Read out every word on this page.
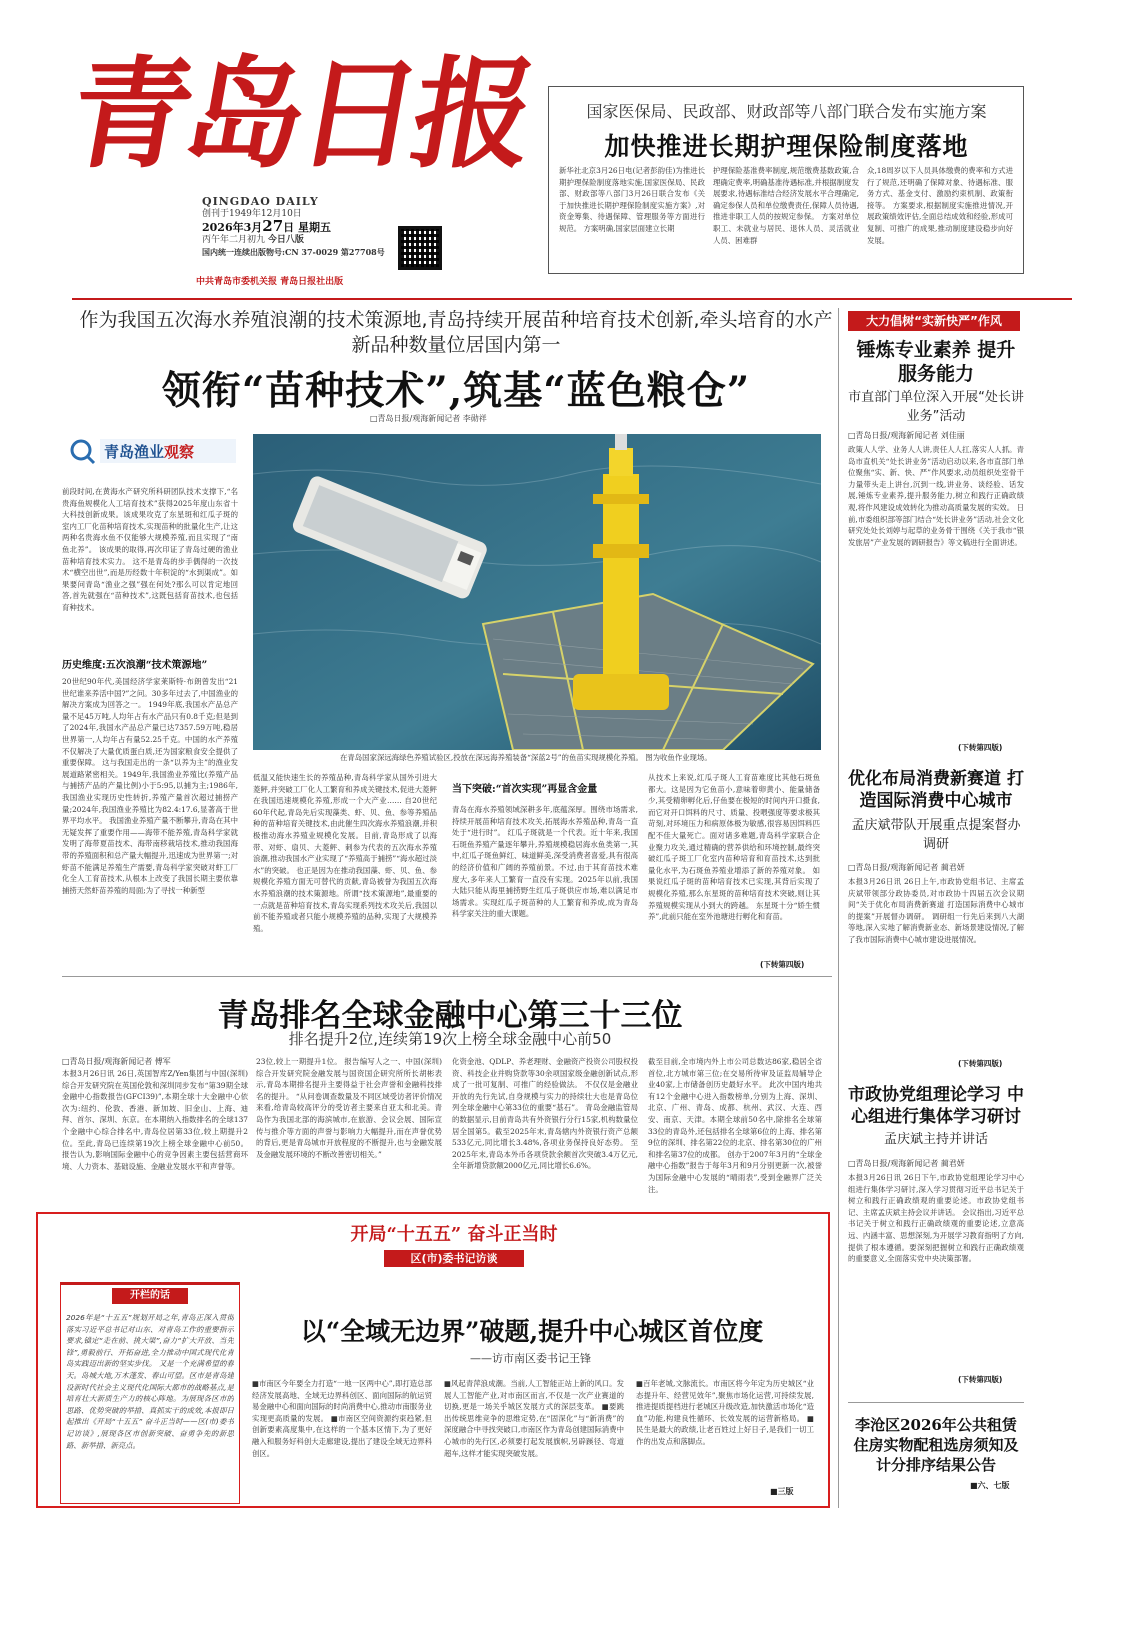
青岛日报
QINGDAO DAILY
创刊于1949年12月10日
2026年3月27日 星期五
丙午年二月初九 今日八版
国内统一连续出版物号:CN 37-0029 第27708号
中共青岛市委机关报 青岛日报社出版
国家医保局、民政部、财政部等八部门联合发布实施方案
加快推进长期护理保险制度落地
新华社北京3月26日电(记者彭韵佳)为推进长期护理保险制度落地实施,国家医保局、民政部、财政部等八部门3月26日联合发布《关于加快推进长期护理保险制度实施方案》,对资金筹集、待遇保障、管理服务等方面进行规范。 方案明确,国家层面建立长期
护理保险基准费率制度,规范缴费基数政策,合理确定费率,明确基准待遇标准,并根据制度发展要求,待遇标准结合经济发展水平合理确定,确定参保人员和单位缴费责任,保障人员待遇,推进非职工人员的按规定参保。 方案对单位职工、未就业与居民、退休人员、灵活就业人员、困难群
众,18周岁以下人员具体缴费的费率和方式进行了规范,还明确了保障对象、待遇标准、服务方式、基金支付、激励约束机制、政策衔接等。 方案要求,根据制度实施推进情况,开展政策绩效评估,全面总结成效和经验,形成可复制、可推广的成果,推动制度建设稳步向好发展。
作为我国五次海水养殖浪潮的技术策源地,青岛持续开展苗种培育技术创新,牵头培育的水产新品种数量位居国内第一
领衔“苗种技术”,筑基“蓝色粮仓”
□青岛日报/观海新闻记者 李勋祥
青岛渔业观察
在青岛国家深远海绿色养殖试验区,投放在深远海养殖装备“深蓝2号”的鱼苗实现规模化养殖。 图为收鱼作业现场。
前段时间,在黄海水产研究所科研团队技术支撑下,“名贵海鱼规模化人工培育技术”获得2025年度山东省十大科技创新成果。该成果攻克了东星斑和红瓜子斑的室内工厂化苗种培育技术,实现苗种的批量化生产,让这两种名贵海水鱼不仅能够大规模养殖,而且实现了“南鱼北养”。 该成果的取得,再次印证了青岛过硬的渔业苗种培育技术实力。 这不是青岛的步手偶得的一次技术“横空出世”,而是历经数十年积淀的“水到渠成”。如果要问青岛“渔业之强”强在何处?那么可以肯定地回答,首先就强在“苗种技术”,这既包括育苗技术,也包括育种技术。
历史维度:五次浪潮“技术策源地”
20世纪90年代,美国经济学家莱斯特·布朗曾发出“21世纪谁来养活中国?”之问。30多年过去了,中国渔业的解决方案成为回答之一。 1949年底,我国水产品总产量不足45万吨,人均年占有水产品只有0.8千克;但是到了2024年,我国水产品总产量已达7357.59万吨,稳居世界第一,人均年占有量52.25千克。中国的水产养殖不仅解决了大量优质蛋白质,还为国家粮食安全提供了重要保障。 这与我国走出的一条“以养为主”的渔业发展道路紧密相关。1949年,我国渔业养殖比(养殖产品与捕捞产品的产量比例)小于5:95,以捕为主;1986年,我国渔业实现历史性转折,养殖产量首次超过捕捞产量;2024年,我国渔业养殖比为82.4:17.6,显著高于世界平均水平。 我国渔业养殖产量不断攀升,青岛在其中无疑发挥了重要作用——海带不能养殖,青岛科学家就发明了海带夏苗技术、海带南移栽培技术,推动我国海带的养殖面积和总产量大幅提升,迅速成为世界第一;对虾苗不能满足养殖生产需要,青岛科学家突破对虾工厂化全人工育苗技术,从根本上改变了我国长期主要依靠捕捞天然虾苗养殖的局面;为了寻找一种新型
低温又能快速生长的养殖品种,青岛科学家从国外引进大菱鲆,并突破工厂化人工繁育和养成关键技术,促进大菱鲆在我国迅速规模化养殖,形成一个大产业…… 自20世纪60年代起,青岛先后实现藻类、虾、贝、鱼、参等养殖品种的苗种培育关键技术,由此催生四次海水养殖浪潮,并积极推动海水养殖业规模化发展。目前,青岛形成了以海带、对虾、扇贝、大菱鲆、刺参为代表的五次海水养殖浪潮,推动我国水产业实现了“养殖高于捕捞”“海水超过淡水”的突破。 也正是因为在推动我国藻、虾、贝、鱼、参规模化养殖方面无可替代的贡献,青岛被誉为我国五次海水养殖浪潮的技术策源地。所谓“技术策源地”,最重要的一点就是苗种培育技术,青岛实现系列技术攻关后,我国以前不能养殖或者只能小规模养殖的品种,实现了大规模养殖。
当下突破:“首次实现”再显含金量
青岛在海水养殖领域深耕多年,底蕴深厚。围绕市场需求,持续开展苗种培育技术攻关,拓展海水养殖品种,青岛一直处于“进行时”。 红瓜子斑就是一个代表。近十年来,我国石斑鱼养殖产量逐年攀升,养殖规模稳居海水鱼类第一,其中,红瓜子斑鱼鲜红、味道鲜美,深受消费者喜爱,具有很高的经济价值和广阔的养殖前景。不过,由于其育苗技术难度大,多年来人工繁育一直没有实现。2025年以前,我国大陆只能从海里捕捞野生红瓜子斑供应市场,难以满足市场需求。实现红瓜子斑苗种的人工繁育和养成,成为青岛科学家关注的重大课题。
从技术上来说,红瓜子斑人工育苗难度比其他石斑鱼都大。这是因为它鱼苗小,意味着卵黄小、能量储备少,其受精卵孵化后,仔鱼要在极短的时间内开口摄食,而它对开口饵料的尺寸、质量、投喂强度等要求极其苛刻,对环境压力和病原体极为敏感,很容易因饵料匹配不佳大量死亡。面对诸多难题,青岛科学家联合企业聚力攻关,通过精确的营养供给和环境控制,最终突破红瓜子斑工厂化室内苗种培育和育苗技术,达到批量化水平,为石斑鱼养殖业增添了新的养殖对象。 如果说红瓜子斑的苗种培育技术已实现,其背后实现了规模化养殖,那么东星斑的苗种培育技术突破,则让其养殖规模实现从小到大的跨越。 东星斑十分“娇生惯养”,此前只能在室外池塘进行孵化和育苗。
(下转第四版)
大力倡树“实新快严”作风
锤炼专业素养 提升服务能力
市直部门单位深入开展“处长讲业务”活动
□青岛日报/观海新闻记者 刘佳丽
政策人人学、业务人人讲,责任人人扛,落实人人抓。青岛市直机关“处长讲业务”活动启动以来,各市直部门单位聚焦“实、新、快、严”作风要求,动员组织处室骨干力量带头走上讲台,沉到一线,讲业务、谈经验、话发展,锤炼专业素养,提升服务能力,树立和践行正确政绩观,将作风建设成效转化为推动高质量发展的实效。 日前,市委组织部等部门结合“处长讲业务”活动,社会文化研究处处长刘婷与起草的业务骨干围绕《关于我市“银发旅居”产业发展的调研报告》等文稿进行全面讲述。
(下转第四版)
优化布局消费新赛道 打造国际消费中心城市
孟庆斌带队开展重点提案督办调研
□青岛日报/观海新闻记者 蔺君妍
本报3月26日讯 26日上午,市政协党组书记、主席孟庆斌带领部分政协委员,对市政协十四届五次会议期间“关于优化布局消费新赛道 打造国际消费中心城市的提案”开展督办调研。 调研组一行先后来到八大湖等地,深入实地了解消费新业态、新场景建设情况,了解了我市国际消费中心城市建设进展情况。
(下转第四版)
市政协党组理论学习 中心组进行集体学习研讨
孟庆斌主持并讲话
□青岛日报/观海新闻记者 蔺君妍
本报3月26日讯 26日下午,市政协党组理论学习中心组进行集体学习研讨,深入学习贯彻习近平总书记关于树立和践行正确政绩观的重要论述。市政协党组书记、主席孟庆斌主持会议并讲话。 会议指出,习近平总书记关于树立和践行正确政绩观的重要论述,立意高远、内涵丰富、思想深刻,为开展学习教育指明了方向,提供了根本遵循。要深刻把握树立和践行正确政绩观的重要意义,全面落实党中央决策部署。
(下转第四版)
李沧区2026年公共租赁住房实物配租选房须知及计分排序结果公告
■六、七版
青岛排名全球金融中心第三十三位
排名提升2位,连续第19次上榜全球金融中心前50
□青岛日报/观海新闻记者 傅军
本报3月26日讯 26日,英国智库Z/Yen集团与中国(深圳)综合开发研究院在英国伦敦和深圳同步发布“第39期全球金融中心指数报告(GFCI39)”,本期全球十大金融中心依次为:纽约、伦敦、香港、新加坡、旧金山、上海、迪拜、首尔、深圳、东京。在本期纳入指数排名的全球137个金融中心综合排名中,青岛位居第33位,较上期提升2位。至此,青岛已连续第19次上榜全球金融中心前50。 报告认为,影响国际金融中心的竞争因素主要包括营商环境、人力资本、基础设施、金融业发展水平和声誉等。
23位,较上一期提升1位。 报告编写人之一、中国(深圳)综合开发研究院金融发展与国资国企研究所所长胡彬表示,青岛本期排名提升主要得益于社会声誉和金融科技排名的提升。 “从问卷调查数量及不同区域受访者评价情况来看,给青岛较高评分的受访者主要来自亚太和北美。青岛作为我国北部的海滨城市,在旅游、会议会展、国际宣传与推介等方面的声誉与影响力大幅提升,而在声誉优势的背后,更是青岛城市开放程度的不断提升,也与金融发展及金融发展环境的不断改善密切相关。”
化资金池、QDLP、养老理财、金融资产投资公司股权投资、科技企业并购贷款等30余项国家级金融创新试点,形成了一批可复制、可推广的经验做法。 不仅仅是金融业开放的先行先试,自身规模与实力的持续壮大也是青岛位列全球金融中心第33位的重要“基石”。 青岛金融监管局的数据显示,目前青岛共有外资银行分行15家,机构数量位居全国第5。截至2025年末,青岛辖内外资银行资产总额533亿元,同比增长3.48%,各项业务保持良好态势。 至2025年末,青岛本外币各项贷款余额首次突破3.4万亿元,全年新增贷款额2000亿元,同比增长6.6%。
截至目前,全市境内外上市公司总数达86家,稳居全省首位,北方城市第三位;在交易所待审及证监局辅导企业40家,上市储备创历史最好水平。 此次中国内地共有12个金融中心进入指数榜单,分别为上海、深圳、北京、广州、青岛、成都、杭州、武汉、大连、西安、南京、天津。本期全球前50名中,除排名全球第33位的青岛外,还包括排名全球第6位的上海、排名第9位的深圳、排名第22位的北京、排名第30位的广州和排名第37位的成都。 创办于2007年3月的“全球金融中心指数”报告于每年3月和9月分别更新一次,被誉为国际金融中心发展的“晴雨表”,受到金融界广泛关注。
开局“十五五” 奋斗正当时
区(市)委书记访谈
开栏的话
2026年是“十五五”规划开局之年,青岛正深入贯彻落实习近平总书记对山东、对青岛工作的重要指示要求,锚定“走在前、挑大梁”,奋力“扩大开放、当先锋”,勇毅前行、开拓奋进,全力推动中国式现代化青岛实践迈出新的坚实步伐。 又是一个充满希望的春天。岛城大地,万木蓬发、春山可望。区市是青岛建设新时代社会主义现代化国际大都市的战略基点,是培育壮大新质生产力的核心阵地。为展现各区市的思路、优势突破的举措、真抓实干的成效,本报即日起推出《开局“十五五” 奋斗正当时——区(市)委书记访谈》,展现各区市创新突破、奋勇争先的新思路、新举措、新亮点。
以“全域无边界”破题,提升中心城区首位度
——访市南区委书记王锋
■市南区今年要全力打造“一地一区两中心”,即打造总部经济发展高地、全域无边界科创区、面向国际的航运贸易金融中心和面向国际的时尚消费中心,推动市南服务业实现更高质量的发展。 ■市南区空间资源约束趋紧,但创新要素高度集中,在这样的一个基本区情下,为了更好融入和服务好科创大走廊建设,提出了建设全域无边界科创区。
■风起青萍浪成潮。当前,人工智能正站上新的风口。发展人工智能产业,对市南区而言,不仅是一次产业赛道的切换,更是一场关乎城区发展方式的深层变革。 ■要跳出传统思维竞争的思维定势,在“固深化”与“新消费”的深度融合中寻找突破口,市南区作为青岛创建国际消费中心城市的先行区,必须要打起发展旗帜,另辟蹊径、弯道超车,这样才能实现突破发展。
■百年老城,文脉流长。市南区将今年定为历史城区“业态提升年、经营见效年”,聚焦市场化运营,可持续发展,推进提质提档进行老城区升级改造,加快激活市场化“造血”功能,构建良性循环、长效发展的运营新格局。 ■民生是最大的政绩,让老百姓过上好日子,是我们一切工作的出发点和落脚点。
■三版
